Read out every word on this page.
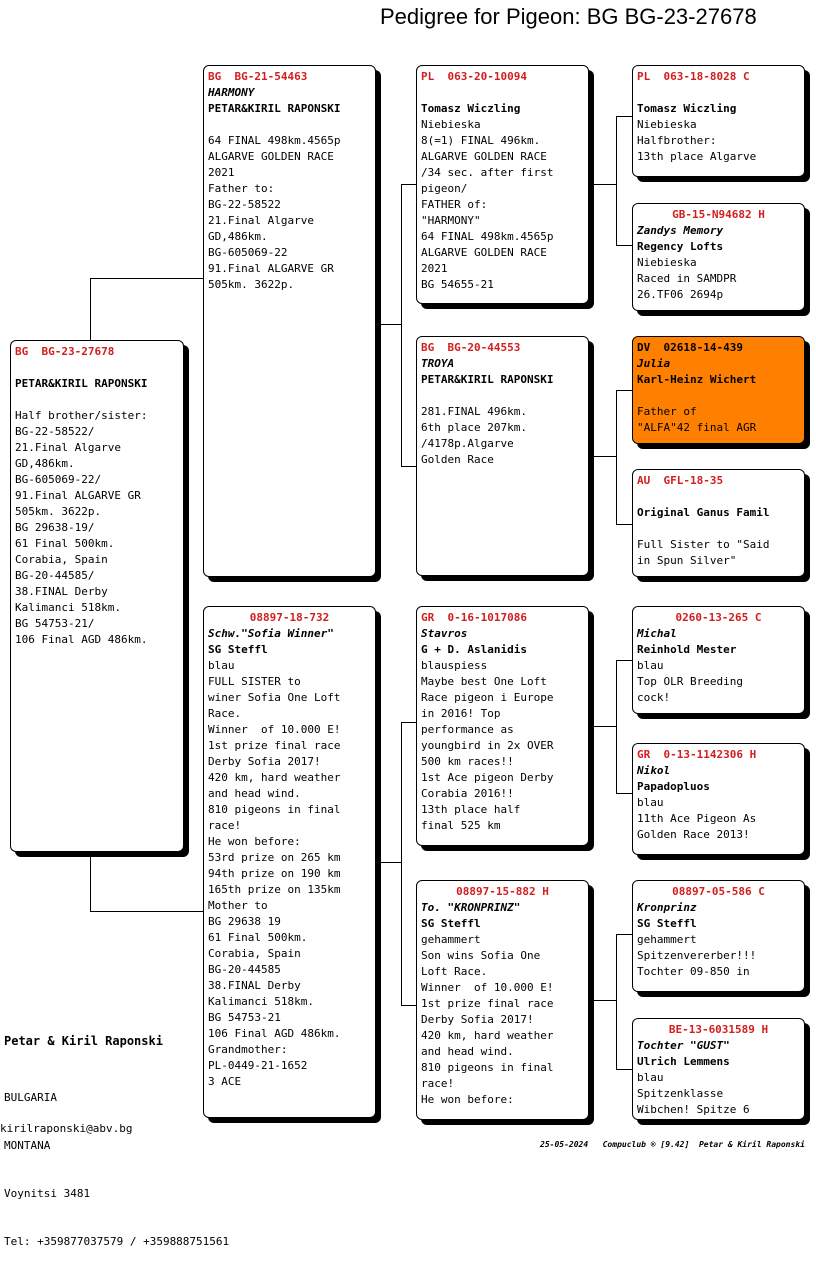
Pedigree for Pigeon: BG BG-23-27678
BG  BG-23-27678
PETAR&KIRIL RAPONSKI
Half brother/sister:
BG-22-58522/
21.Final Algarve
GD,486km.
BG-605069-22/
91.Final ALGARVE GR
505km. 3622p.
BG 29638-19/
61 Final 500km.
Corabia, Spain
BG-20-44585/
38.FINAL Derby
Kalimanci 518km.
BG 54753-21/
106 Final AGD 486km.
BG  BG-21-54463
HARMONY
PETAR&KIRIL RAPONSKI
64 FINAL 498km.4565p
ALGARVE GOLDEN RACE
2021
Father to:
BG-22-58522
21.Final Algarve
GD,486km.
BG-605069-22
91.Final ALGARVE GR
505km. 3622p.
08897-18-732
Schw."Sofia Winner"
SG Steffl
blau
FULL SISTER to
winer Sofia One Loft
Race.
Winner  of 10.000 E!
1st prize final race
Derby Sofia 2017!
420 km, hard weather
and head wind.
810 pigeons in final
race!
He won before:
53rd prize on 265 km
94th prize on 190 km
165th prize on 135km
Mother to
BG 29638 19
61 Final 500km.
Corabia, Spain
BG-20-44585
38.FINAL Derby
Kalimanci 518km.
BG 54753-21
106 Final AGD 486km.
Grandmother:
PL-0449-21-1652
3 ACE
PL  063-20-10094
Tomasz Wiczling
Niebieska
8(=1) FINAL 496km.
ALGARVE GOLDEN RACE
/34 sec. after first
pigeon/
FATHER of:
"HARMONY"
64 FINAL 498km.4565p
ALGARVE GOLDEN RACE
2021
BG 54655-21
BG  BG-20-44553
TROYA
PETAR&KIRIL RAPONSKI
281.FINAL 496km.
6th place 207km.
/4178p.Algarve
Golden Race
GR  0-16-1017086
Stavros
G + D. Aslanidis
blauspiess
Maybe best One Loft
Race pigeon i Europe
in 2016! Top
performance as
youngbird in 2x OVER
500 km races!!
1st Ace pigeon Derby
Corabia 2016!!
13th place half
final 525 km
08897-15-882 H
To. "KRONPRINZ"
SG Steffl
gehammert
Son wins Sofia One
Loft Race.
Winner  of 10.000 E!
1st prize final race
Derby Sofia 2017!
420 km, hard weather
and head wind.
810 pigeons in final
race!
He won before:
PL  063-18-8028 C
Tomasz Wiczling
Niebieska
Halfbrother:
13th place Algarve
GB-15-N94682 H
Zandys Memory
Regency Lofts
Niebieska
Raced in SAMDPR
26.TF06 2694p
DV  02618-14-439
Julia
Karl-Heinz Wichert
Father of
"ALFA"42 final AGR
AU  GFL-18-35
Original Ganus Famil
Full Sister to "Said
in Spun Silver"
0260-13-265 C
Michal
Reinhold Mester
blau
Top OLR Breeding
cock!
GR  0-13-1142306 H
Nikol
Papadopluos
blau
11th Ace Pigeon As
Golden Race 2013!
08897-05-586 C
Kronprinz
SG Steffl
gehammert
Spitzenvererber!!!
Tochter 09-850 in
BE-13-6031589 H
Tochter "GUST"
Ulrich Lemmens
blau
Spitzenklasse
Wibchen! Spitze 6
Petar & Kiril Raponski

BULGARIA

MONTANA

Voynitsi 3481

Tel: +359877037579 / +359888751561

kirilraponski@abv.bg
25-05-2024   Compuclub ® [9.42]  Petar & Kiril Raponski
